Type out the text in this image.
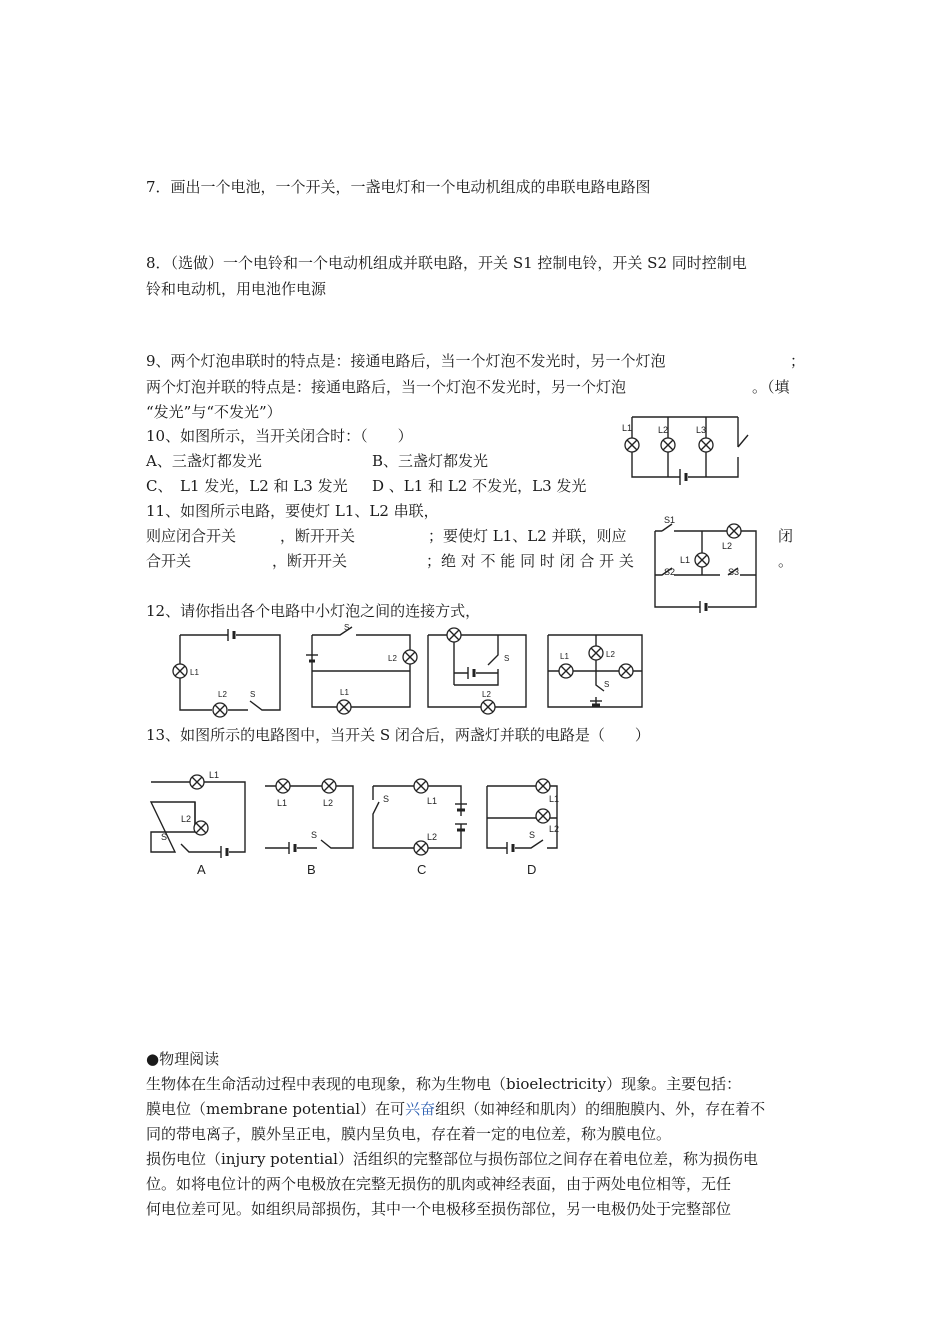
7．画出一个电池，一个开关，一盏电灯和一个电动机组成的串联电路电路图
8．（选做）一个电铃和一个电动机组成并联电路，开关 S1 控制电铃，开关 S2 同时控制电
铃和电动机，用电池作电源
9、两个灯泡串联时的特点是：接通电路后，当一个灯泡不发光时，另一个灯泡	；
两个灯泡并联的特点是：接通电路后，当一个灯泡不发光时，另一个灯泡	。（填
“发光”与“不发光”）
10、如图所示，当开关闭合时：（　　）
A、三盏灯都发光	B、三盏灯都发光
C、　L1 发光，L2 和 L3 发光 D 、L1 和 L2 不发光，L3 发光
L1	L2	L3
11、如图所示电路，要使灯 L1、L2 串联，
则应闭合开关	，断开开关	；要使灯 L1、L2 并联，则应	闭
合开关	，断开开关	；绝 对 不 能 同 时 闭 合 开 关	。
S1
L2
L1
S2	S3
12、请你指出各个电路中小灯泡之间的连接方式，
L1
L2	S
S
L2
L1
S
L2
L1	L2
S
13、如图所示的电路图中，当开关 S 闭合后，两盏灯并联的电路是（　　）
L1
L2
S
A
L1	L2
S
B
S	L1
L2
C
L1
L2
S
D
●物理阅读
生物体在生命活动过程中表现的电现象，称为生物电（bioelectricity）现象。主要包括：
膜电位（membrane potential）在可兴奋组织（如神经和肌肉）的细胞膜内、外，存在着不
同的带电离子，膜外呈正电，膜内呈负电，存在着一定的电位差，称为膜电位。
损伤电位（injury potential）活组织的完整部位与损伤部位之间存在着电位差，称为损伤电
位。如将电位计的两个电极放在完整无损伤的肌肉或神经表面，由于两处电位相等，无任
何电位差可见。如组织局部损伤，其中一个电极移至损伤部位，另一电极仍处于完整部位
